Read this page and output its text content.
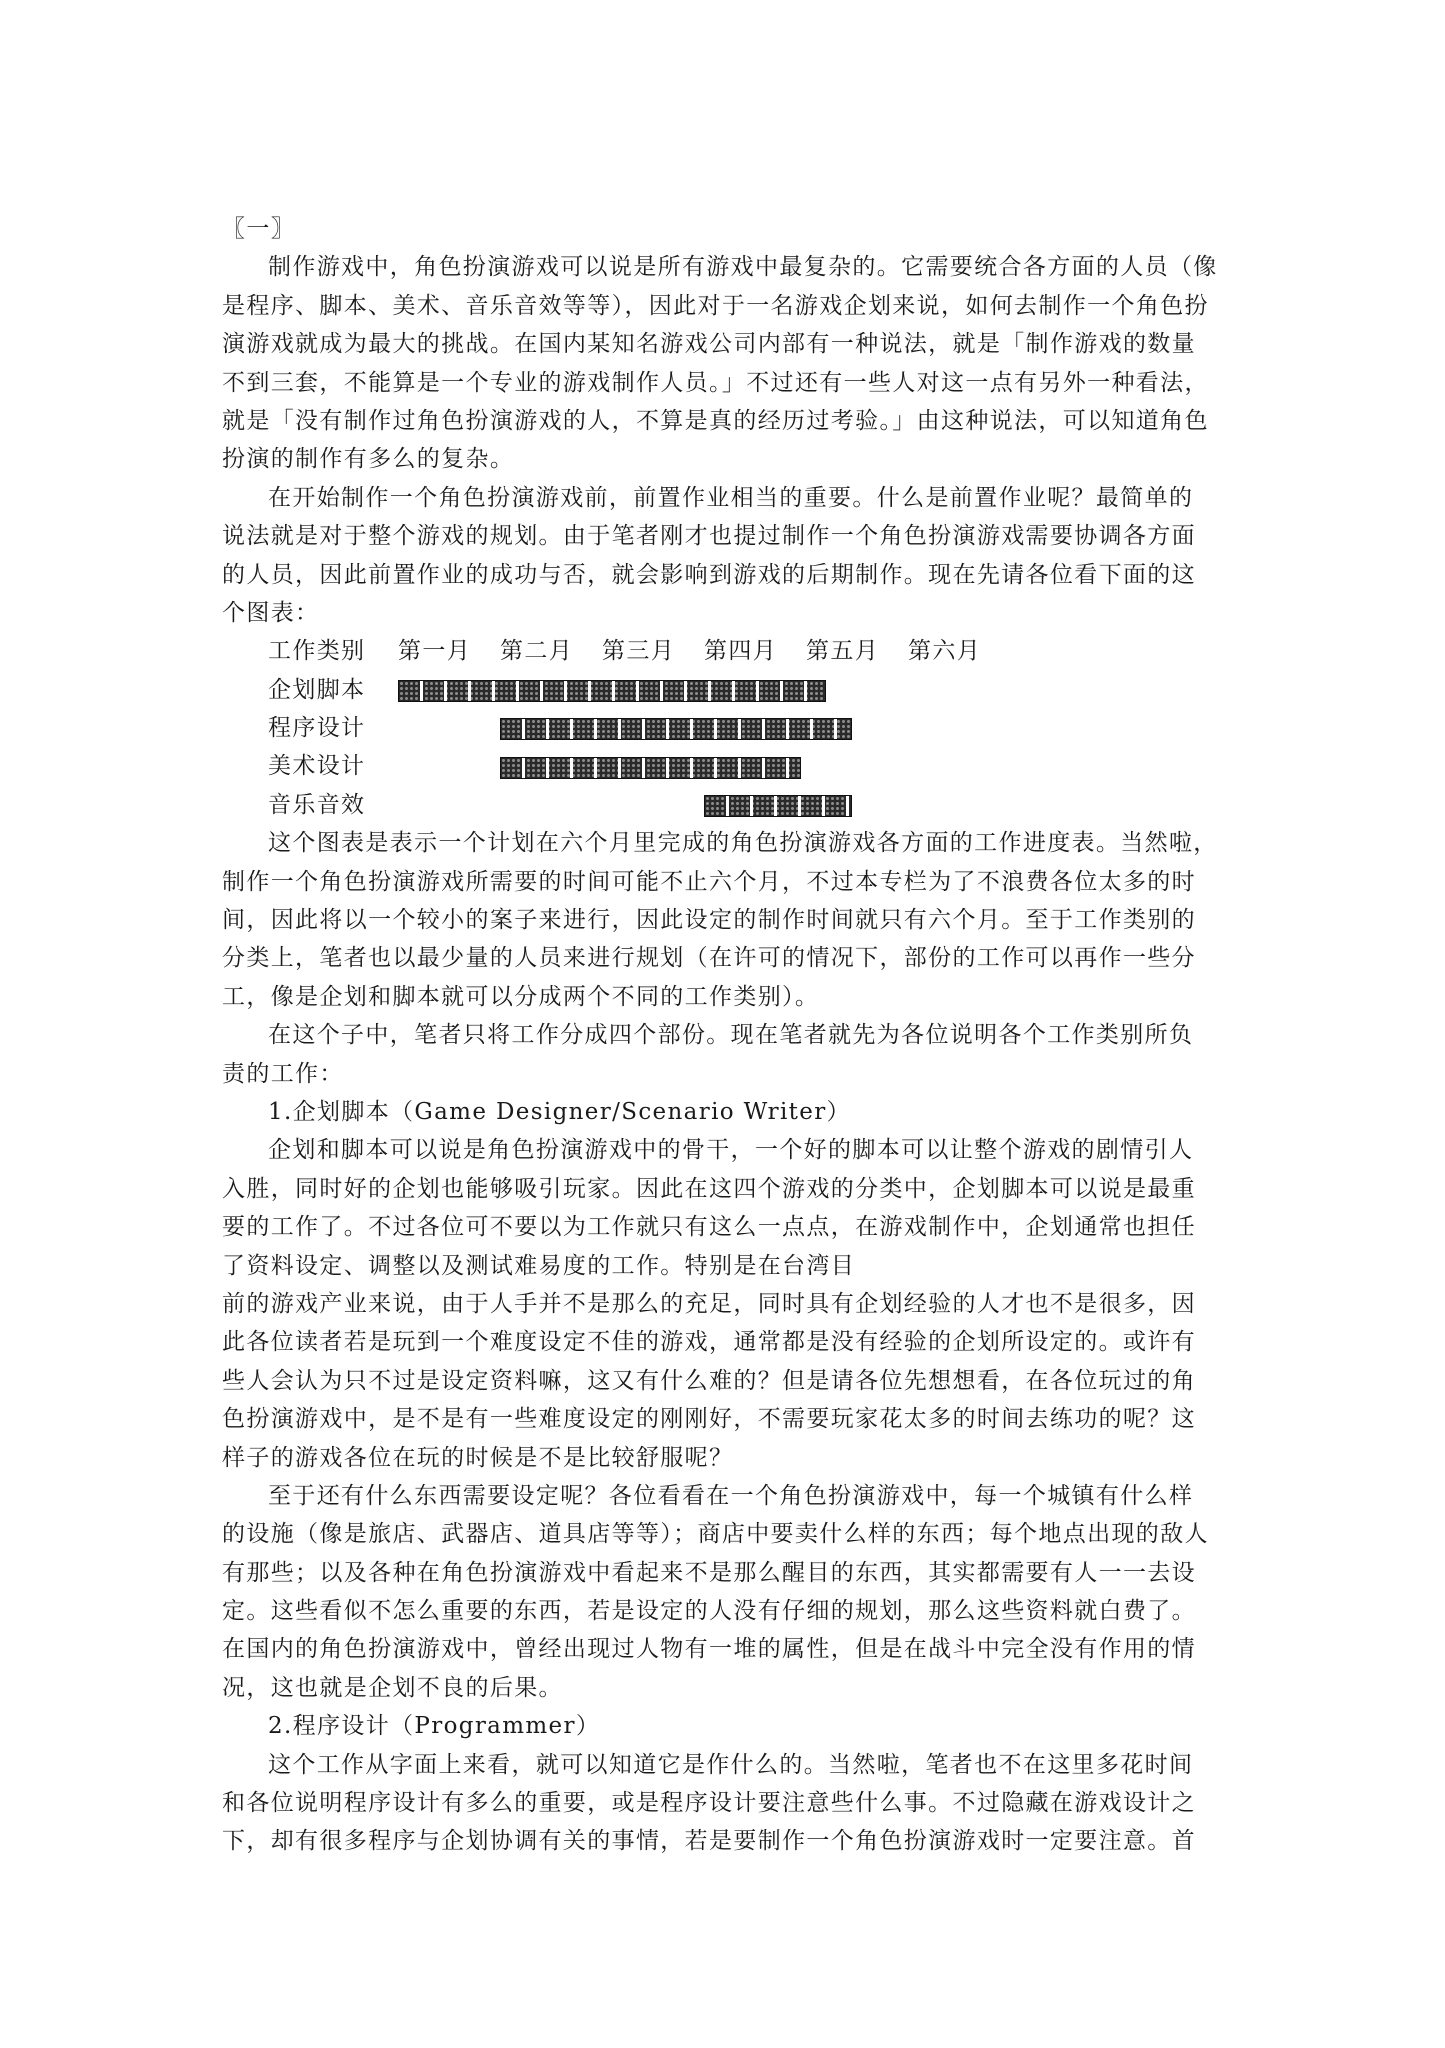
〖一〗
制作游戏中，角色扮演游戏可以说是所有游戏中最复杂的。它需要统合各方面的人员（像
是程序、脚本、美术、音乐音效等等），因此对于一名游戏企划来说，如何去制作一个角色扮
演游戏就成为最大的挑战。在国内某知名游戏公司内部有一种说法，就是「制作游戏的数量
不到三套，不能算是一个专业的游戏制作人员。」不过还有一些人对这一点有另外一种看法，
就是「没有制作过角色扮演游戏的人，不算是真的经历过考验。」由这种说法，可以知道角色
扮演的制作有多么的复杂。
在开始制作一个角色扮演游戏前，前置作业相当的重要。什么是前置作业呢？最简单的
说法就是对于整个游戏的规划。由于笔者刚才也提过制作一个角色扮演游戏需要协调各方面
的人员，因此前置作业的成功与否，就会影响到游戏的后期制作。现在先请各位看下面的这
个图表：
工作类别	第一月	第二月	第三月	第四月	第五月	第六月
企划脚本
程序设计
美术设计
音乐音效
这个图表是表示一个计划在六个月里完成的角色扮演游戏各方面的工作进度表。当然啦，
制作一个角色扮演游戏所需要的时间可能不止六个月，不过本专栏为了不浪费各位太多的时
间，因此将以一个较小的案子来进行，因此设定的制作时间就只有六个月。至于工作类别的
分类上，笔者也以最少量的人员来进行规划（在许可的情况下，部份的工作可以再作一些分
工，像是企划和脚本就可以分成两个不同的工作类别）。
在这个子中，笔者只将工作分成四个部份。现在笔者就先为各位说明各个工作类别所负
责的工作：
1.企划脚本（Game Designer/Scenario Writer）
企划和脚本可以说是角色扮演游戏中的骨干，一个好的脚本可以让整个游戏的剧情引人
入胜，同时好的企划也能够吸引玩家。因此在这四个游戏的分类中，企划脚本可以说是最重
要的工作了。不过各位可不要以为工作就只有这么一点点，在游戏制作中，企划通常也担任
了资料设定、调整以及测试难易度的工作。特别是在台湾目
前的游戏产业来说，由于人手并不是那么的充足，同时具有企划经验的人才也不是很多，因
此各位读者若是玩到一个难度设定不佳的游戏，通常都是没有经验的企划所设定的。或许有
些人会认为只不过是设定资料嘛，这又有什么难的？但是请各位先想想看，在各位玩过的角
色扮演游戏中，是不是有一些难度设定的刚刚好，不需要玩家花太多的时间去练功的呢？这
样子的游戏各位在玩的时候是不是比较舒服呢？
至于还有什么东西需要设定呢？各位看看在一个角色扮演游戏中，每一个城镇有什么样
的设施（像是旅店、武器店、道具店等等）；商店中要卖什么样的东西；每个地点出现的敌人
有那些；以及各种在角色扮演游戏中看起来不是那么醒目的东西，其实都需要有人一一去设
定。这些看似不怎么重要的东西，若是设定的人没有仔细的规划，那么这些资料就白费了。
在国内的角色扮演游戏中，曾经出现过人物有一堆的属性，但是在战斗中完全没有作用的情
况，这也就是企划不良的后果。
2.程序设计（Programmer）
这个工作从字面上来看，就可以知道它是作什么的。当然啦，笔者也不在这里多花时间
和各位说明程序设计有多么的重要，或是程序设计要注意些什么事。不过隐藏在游戏设计之
下，却有很多程序与企划协调有关的事情，若是要制作一个角色扮演游戏时一定要注意。首
